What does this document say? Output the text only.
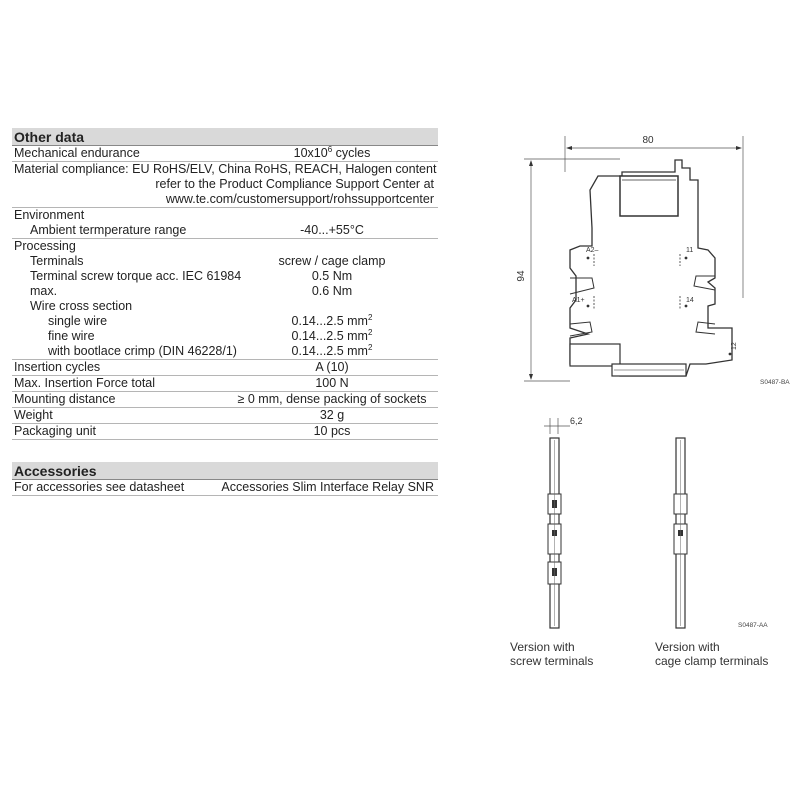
Other data
Mechanical endurance	$10x10^6$ cycles
Material compliance: EU RoHS/ELV, China RoHS, REACH, Halogen content
refer to the Product Compliance Support Center at
www.te.com/customersupport/rohssupportcenter
Environment
Ambient termperature range	-40...+55°C
Processing
Terminals	screw / cage clamp
Terminal screw torque acc. IEC 61984	0.5 Nm
max.	0.6 Nm
Wire cross section
single wire	0.14...2.5 $mm^2$
fine wire	0.14...2.5 $mm^2$
with bootlace crimp (DIN 46228/1)	0.14...2.5 $mm^2$
Insertion cycles	A (10)
Max. Insertion Force total	100 N
Mounting distance	≥ 0 mm, dense packing of sockets
Weight	32 g
Packaging unit	10 pcs
Accessories
For accessories see datasheet	Accessories Slim Interface Relay SNR
80
94
A2–	11
A1+	14
12
S0487-BA
6,2
S0487-AA
Version with
screw terminals
Version with
cage clamp terminals
